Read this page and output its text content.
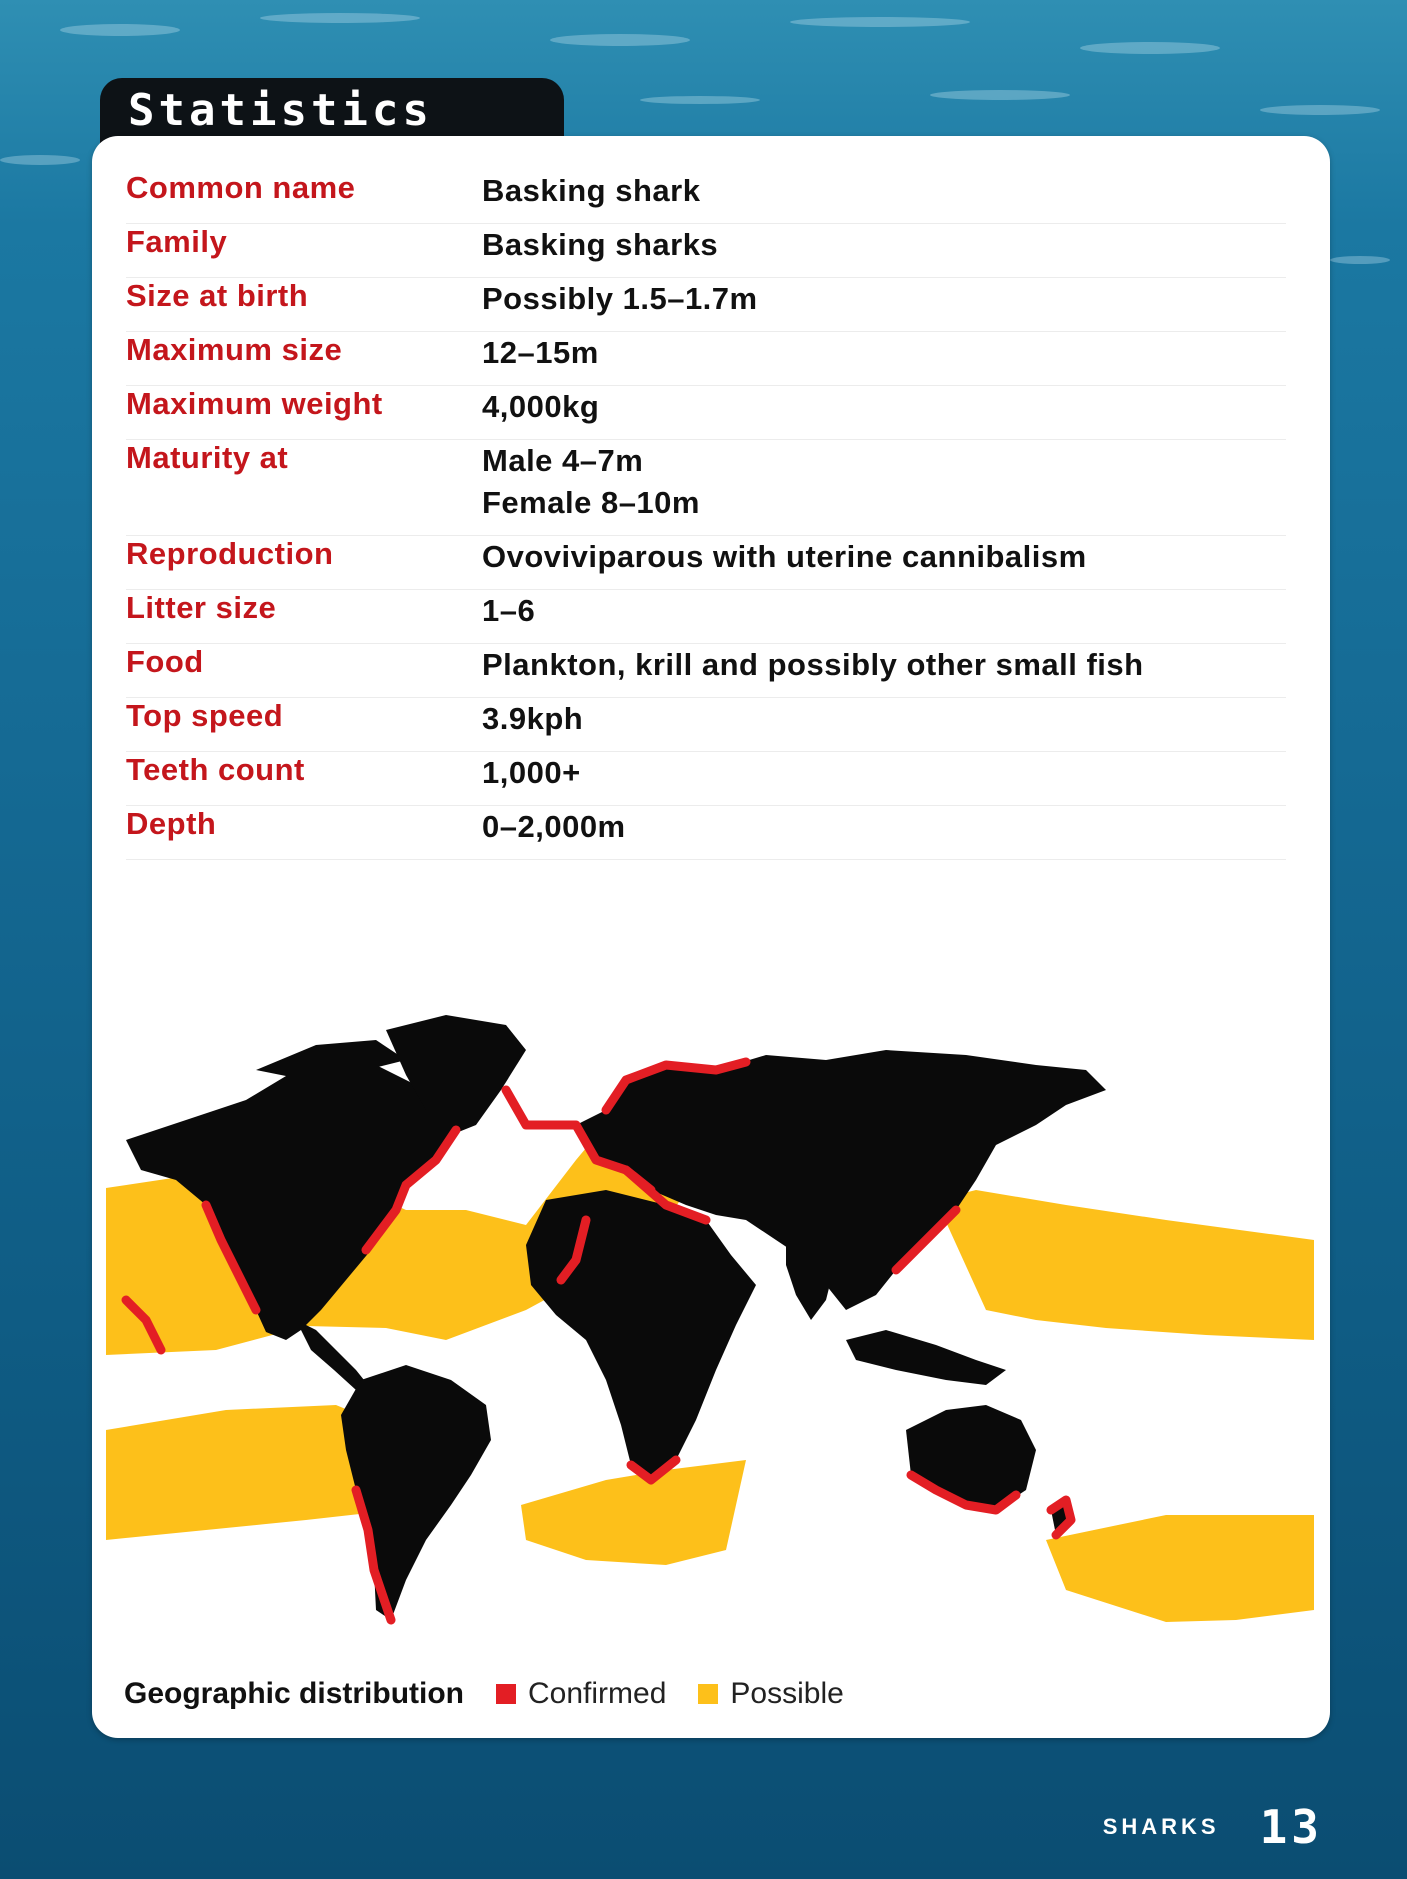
Statistics
Common name	Basking shark
Family	Basking sharks
Size at birth	Possibly 1.5–1.7m
Maximum size	12–15m
Maximum weight	4,000kg
Maturity at	Male 4–7m
Female 8–10m
Reproduction	Ovoviviparous with uterine cannibalism
Litter size	1–6
Food	Plankton, krill and possibly other small fish
Top speed	3.9kph
Teeth count	1,000+
Depth	0–2,000m
Geographic distribution Confirmed Possible
SHARKS 13
